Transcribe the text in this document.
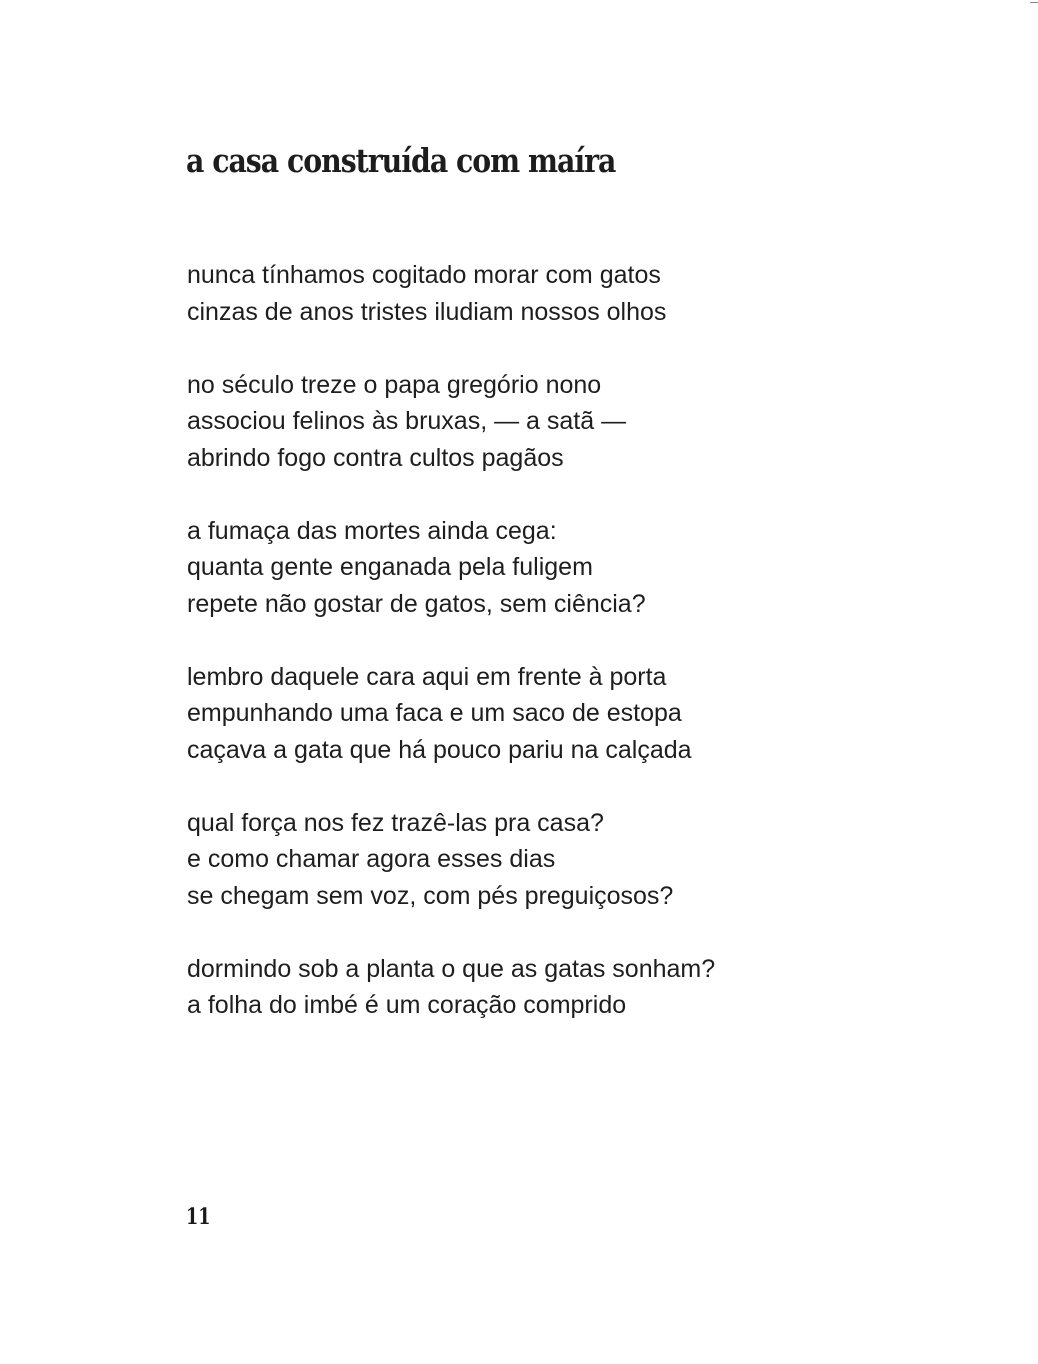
a casa construída com maíra
nunca tínhamos cogitado morar com gatos
cinzas de anos tristes iludiam nossos olhos
no século treze o papa gregório nono
associou felinos às bruxas, — a satã —
abrindo fogo contra cultos pagãos
a fumaça das mortes ainda cega:
quanta gente enganada pela fuligem
repete não gostar de gatos, sem ciência?
lembro daquele cara aqui em frente à porta
empunhando uma faca e um saco de estopa
caçava a gata que há pouco pariu na calçada
qual força nos fez trazê-las pra casa?
e como chamar agora esses dias
se chegam sem voz, com pés preguiçosos?
dormindo sob a planta o que as gatas sonham?
a folha do imbé é um coração comprido
11
